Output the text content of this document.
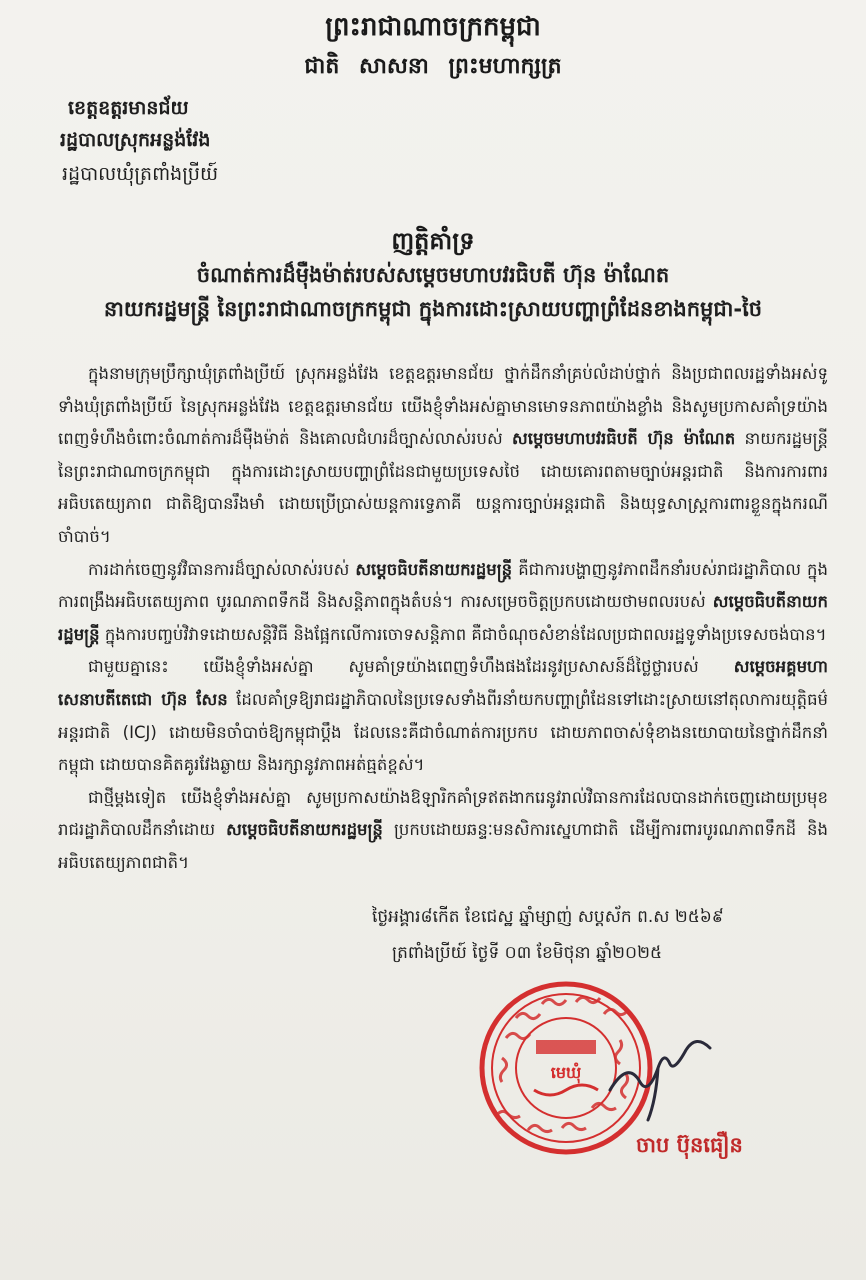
ព្រះរាជាណាចក្រកម្ពុជា
ជាតិ សាសនា ព្រះមហាក្សត្រ
ខេត្តឧត្ដរមានជ័យ
រដ្ឋបាលស្រុកអន្លង់វែង
រដ្ឋបាលឃុំត្រពាំងប្រីយ៍
ញត្តិគាំទ្រ
ចំណាត់ការដ៏ម៉ឺងម៉ាត់របស់សម្ដេចមហាបវរធិបតី ហ៊ុន ម៉ាណែត
នាយករដ្ឋមន្ដ្រី នៃព្រះរាជាណាចក្រកម្ពុជា ក្នុងការដោះស្រាយបញ្ហាព្រំដែនខាងកម្ពុជា-ថៃ

ក្នុងនាមក្រុមប្រឹក្សាឃុំត្រពាំងប្រីយ៍ ស្រុកអន្លង់វែង ខេត្តឧត្ដរមានជ័យ ថ្នាក់ដឹកនាំគ្រប់លំដាប់ថ្នាក់ និងប្រជាពលរដ្ឋទាំងអស់ទូទាំងឃុំត្រពាំងប្រីយ៍ នៃស្រុកអន្លង់វែង ខេត្តឧត្ដរមានជ័យ យើងខ្ញុំទាំងអស់គ្នាមានមោទនភាពយ៉ាងខ្លាំង និងសូមប្រកាសគាំទ្រយ៉ាងពេញទំហឹងចំពោះចំណាត់ការដ៏ម៉ឺងម៉ាត់ និងគោលជំហរដ៏ច្បាស់លាស់របស់ សម្ដេចមហាបវរធិបតី ហ៊ុន ម៉ាណែត នាយករដ្ឋមន្ដ្រី នៃព្រះរាជាណាចក្រកម្ពុជា ក្នុងការដោះស្រាយបញ្ហាព្រំដែនជាមួយប្រទេសថៃ ដោយគោរពតាមច្បាប់អន្ដរជាតិ និងការការពារអធិបតេយ្យភាព ជាតិឱ្យបានរឹងមាំ ដោយប្រើប្រាស់យន្ដការទ្វេភាគី យន្ដការច្បាប់អន្ដរជាតិ និងយុទ្ធសាស្ដ្រការពារខ្លួនក្នុងករណីចាំបាច់។

ការដាក់ចេញនូវវិធានការដ៏ច្បាស់លាស់របស់ សម្ដេចធិបតីនាយករដ្ឋមន្ដ្រី គឺជាការបង្ហាញនូវភាពដឹកនាំរបស់រាជរដ្ឋាភិបាល ក្នុងការពង្រឹងអធិបតេយ្យភាព បូរណភាពទឹកដី និងសន្ដិភាពក្នុងតំបន់។ ការសម្រេចចិត្តប្រកបដោយថាមពលរបស់ សម្ដេចធិបតីនាយករដ្ឋមន្ដ្រី ក្នុងការបញ្ចប់វិវាទដោយសន្ដិវិធី និងផ្អែកលើការចោទសន្ដិភាព គឺជាចំណុចសំខាន់ដែលប្រជាពលរដ្ឋទូទាំងប្រទេសចង់បាន។

ជាមួយគ្នានេះ យើងខ្ញុំទាំងអស់គ្នា សូមគាំទ្រយ៉ាងពេញទំហឹងផងដែរនូវប្រសាសន៍ដ៏ថ្លៃថ្លារបស់ សម្ដេចអគ្គមហាសេនាបតីតេជោ ហ៊ុន សែន ដែលគាំទ្រឱ្យរាជរដ្ឋាភិបាលនៃប្រទេសទាំងពីរនាំយកបញ្ហាព្រំដែនទៅដោះស្រាយនៅតុលាការយុត្តិធម៌អន្ដរជាតិ (ICJ) ដោយមិនចាំបាច់ឱ្យកម្ពុជាប្ដឹង ដែលនេះគឺជាចំណាត់ការប្រកប ដោយភាពចាស់ទុំខាងនយោបាយនៃថ្នាក់ដឹកនាំកម្ពុជា ដោយបានគិតគូរវែងឆ្ងាយ និងរក្សានូវភាពអត់ធ្មត់ខ្ពស់។

ជាថ្មីម្ដងទៀត យើងខ្ញុំទាំងអស់គ្នា សូមប្រកាសយ៉ាងឱឡារិកគាំទ្រឥតងាករេនូវរាល់វិធានការដែលបានដាក់ចេញដោយប្រមុខរាជរដ្ឋាភិបាលដឹកនាំដោយ សម្ដេចធិបតីនាយករដ្ឋមន្ដ្រី ប្រកបដោយឆន្ទៈមនសិការស្នេហាជាតិ ដើម្បីការពារបូរណភាពទឹកដី និងអធិបតេយ្យភាពជាតិ។

ថ្ងៃអង្គារ៨កើត ខែជេស្ឋ ឆ្នាំម្សាញ់ សប្តស័ក ព.ស ២៥៦៩
ត្រពាំងប្រីយ៍ ថ្ងៃទី ០៣ ខែមិថុនា ឆ្នាំ២០២៥
មេឃុំ
ចាប ប៊ុនធឿន
